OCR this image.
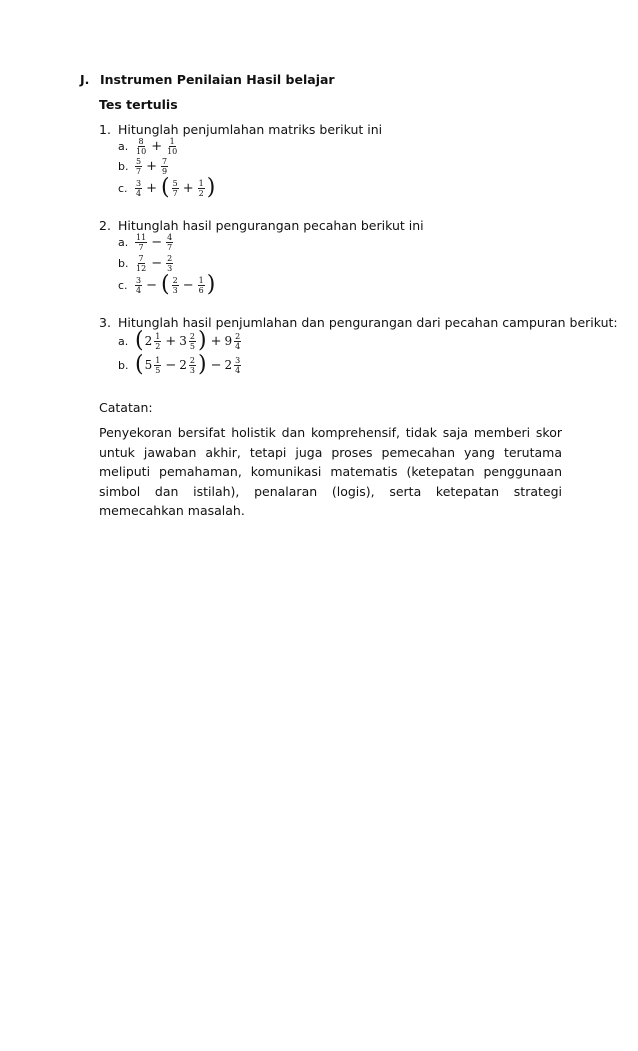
J. Instrumen Penilaian Hasil belajar
Tes tertulis
1. Hitunglah penjumlahan matriks berikut ini
a. $\frac{8}{10} + \frac{1}{10}$
b. $\frac{5}{7} + \frac{7}{9}$
c. $\frac{3}{4}$ + ( $\frac{5}{7} + \frac{1}{2}$ )
2. Hitunglah hasil pengurangan pecahan berikut ini
a. $\frac{11}{7} - \frac{4}{7}$
b. $\frac{7}{12} - \frac{2}{3}$
c. $\frac{3}{4}$ − ( $\frac{2}{3} - \frac{1}{6}$ )
3. Hitunglah hasil penjumlahan dan pengurangan dari pecahan campuran berikut:
a. ( $2 \frac{1}{2} + 3 \frac{2}{5}$ ) + $9 \frac{2}{4}$
b. ( $5 \frac{1}{5} - 2 \frac{2}{3}$ ) − $2 \frac{3}{4}$
Catatan:
Penyekoran bersifat holistik dan komprehensif, tidak saja memberi skor untuk jawaban akhir, tetapi juga proses pemecahan yang terutama meliputi pemahaman, komunikasi matematis (ketepatan penggunaan simbol dan istilah), penalaran (logis), serta ketepatan strategi memecahkan masalah.
